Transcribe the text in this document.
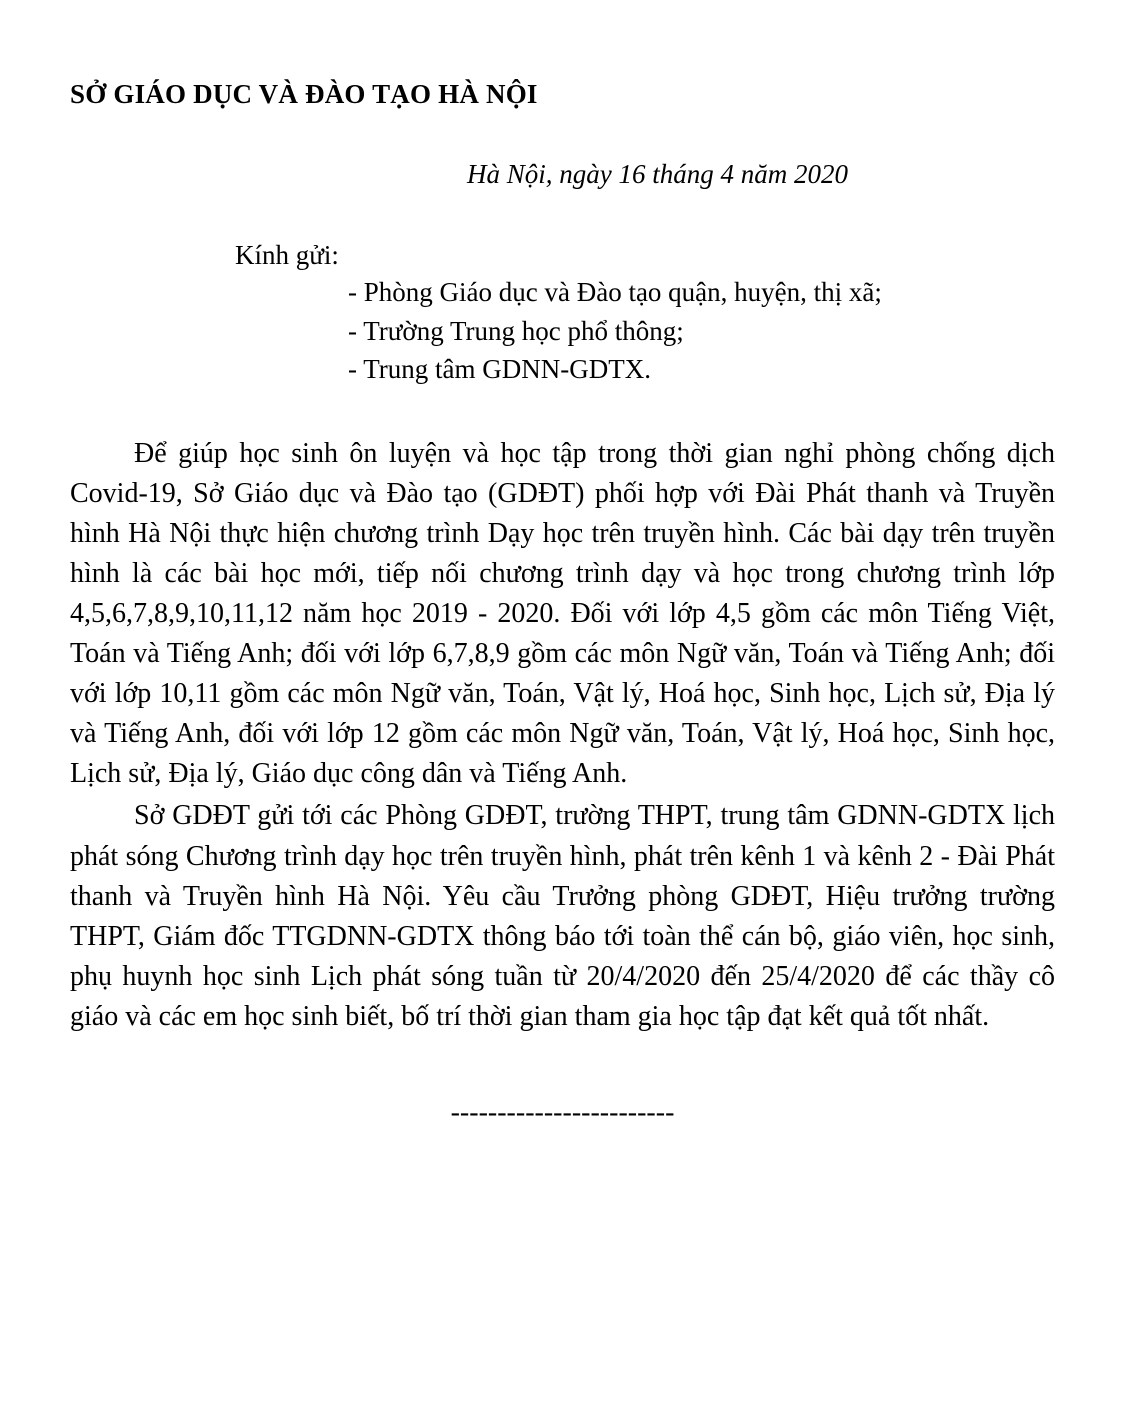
SỞ GIÁO DỤC VÀ ĐÀO TẠO HÀ NỘI
Hà Nội, ngày 16 tháng 4 năm 2020
Kính gửi:
- Phòng Giáo dục và Đào tạo quận, huyện, thị xã;
- Trường Trung học phổ thông;
- Trung tâm GDNN-GDTX.

Để giúp học sinh ôn luyện và học tập trong thời gian nghỉ phòng chống dịch Covid-19, Sở Giáo dục và Đào tạo (GDĐT) phối hợp với Đài Phát thanh và Truyền hình Hà Nội thực hiện chương trình Dạy học trên truyền hình. Các bài dạy trên truyền hình là các bài học mới, tiếp nối chương trình dạy và học trong chương trình lớp 4,5,6,7,8,9,10,11,12 năm học 2019 - 2020. Đối với lớp 4,5 gồm các môn Tiếng Việt, Toán và Tiếng Anh; đối với lớp 6,7,8,9 gồm các môn Ngữ văn, Toán và Tiếng Anh; đối với lớp 10,11 gồm các môn Ngữ văn, Toán, Vật lý, Hoá học, Sinh học, Lịch sử, Địa lý và Tiếng Anh, đối với lớp 12 gồm các môn Ngữ văn, Toán, Vật lý, Hoá học, Sinh học, Lịch sử, Địa lý, Giáo dục công dân và Tiếng Anh.

Sở GDĐT gửi tới các Phòng GDĐT, trường THPT, trung tâm GDNN-GDTX lịch phát sóng Chương trình dạy học trên truyền hình, phát trên kênh 1 và kênh 2 - Đài Phát thanh và Truyền hình Hà Nội. Yêu cầu Trưởng phòng GDĐT, Hiệu trưởng trường THPT, Giám đốc TTGDNN-GDTX thông báo tới toàn thể cán bộ, giáo viên, học sinh, phụ huynh học sinh Lịch phát sóng tuần từ 20/4/2020 đến 25/4/2020 để các thầy cô giáo và các em học sinh biết, bố trí thời gian tham gia học tập đạt kết quả tốt nhất.

------------------------
